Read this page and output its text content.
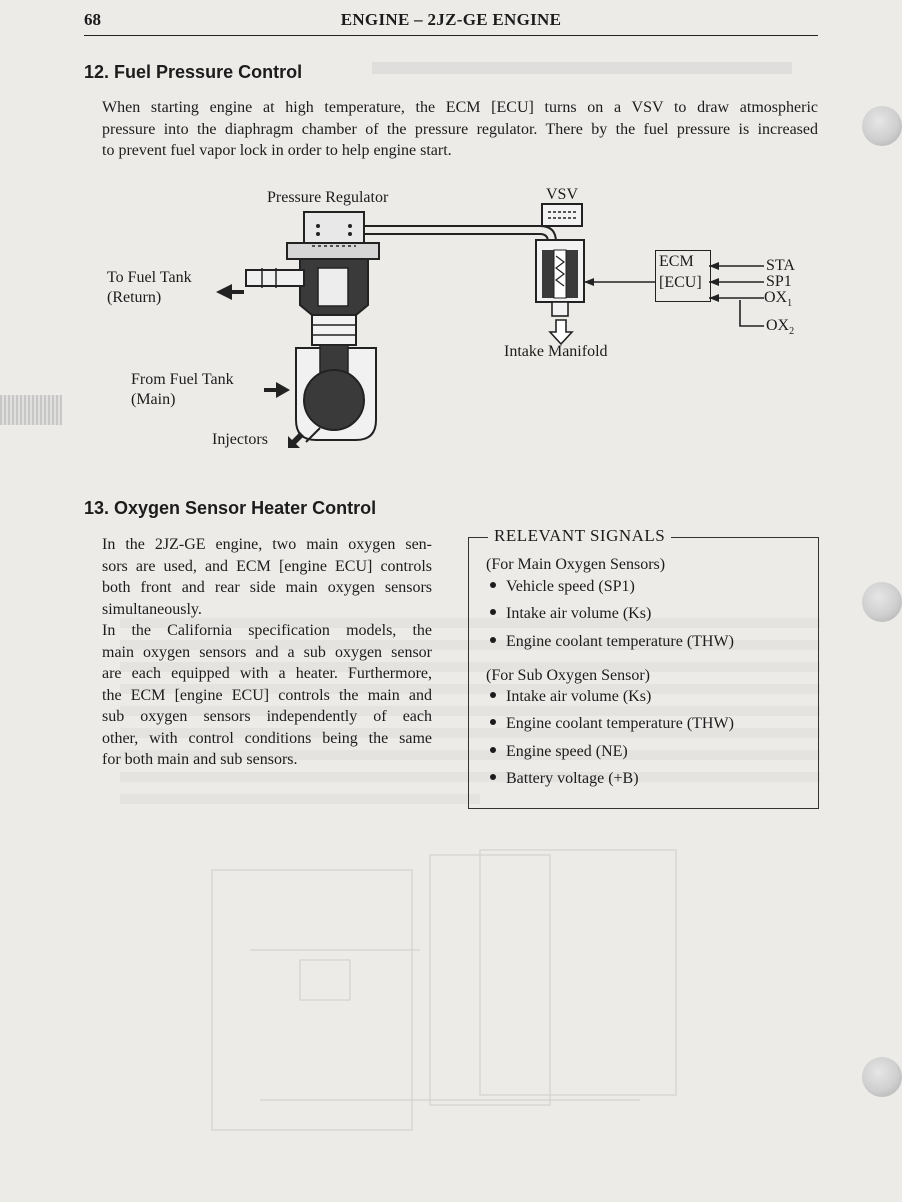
68	ENGINE – 2JZ-GE ENGINE
12. Fuel Pressure Control

When starting engine at high temperature, the ECM [ECU] turns on a VSV to draw atmospheric

pressure into the diaphragm chamber of the pressure regulator. There by the fuel pressure is increased

to prevent fuel vapor lock in order to help engine start.

Pressure Regulator	VSV
To Fuel Tank
(Return)
From Fuel Tank
(Main)
Injectors
Intake Manifold
ECM
[ECU]
STA
SP1
$OX_1$
$OX_2$
13. Oxygen Sensor Heater Control

In the 2JZ-GE engine, two main oxygen sen-

sors are used, and ECM [engine ECU] controls

both front and rear side main oxygen sensors

simultaneously.

In the California specification models, the

main oxygen sensors and a sub oxygen sensor

are each equipped with a heater. Furthermore,

the ECM [engine ECU] controls the main and

sub oxygen sensors independently of each

other, with control conditions being the same

for both main and sub sensors.

RELEVANT SIGNALS
(For Main Oxygen Sensors)
Vehicle speed (SP1)
Intake air volume (Ks)
Engine coolant temperature (THW)
(For Sub Oxygen Sensor)
Intake air volume (Ks)
Engine coolant temperature (THW)
Engine speed (NE)
Battery voltage (+B)
